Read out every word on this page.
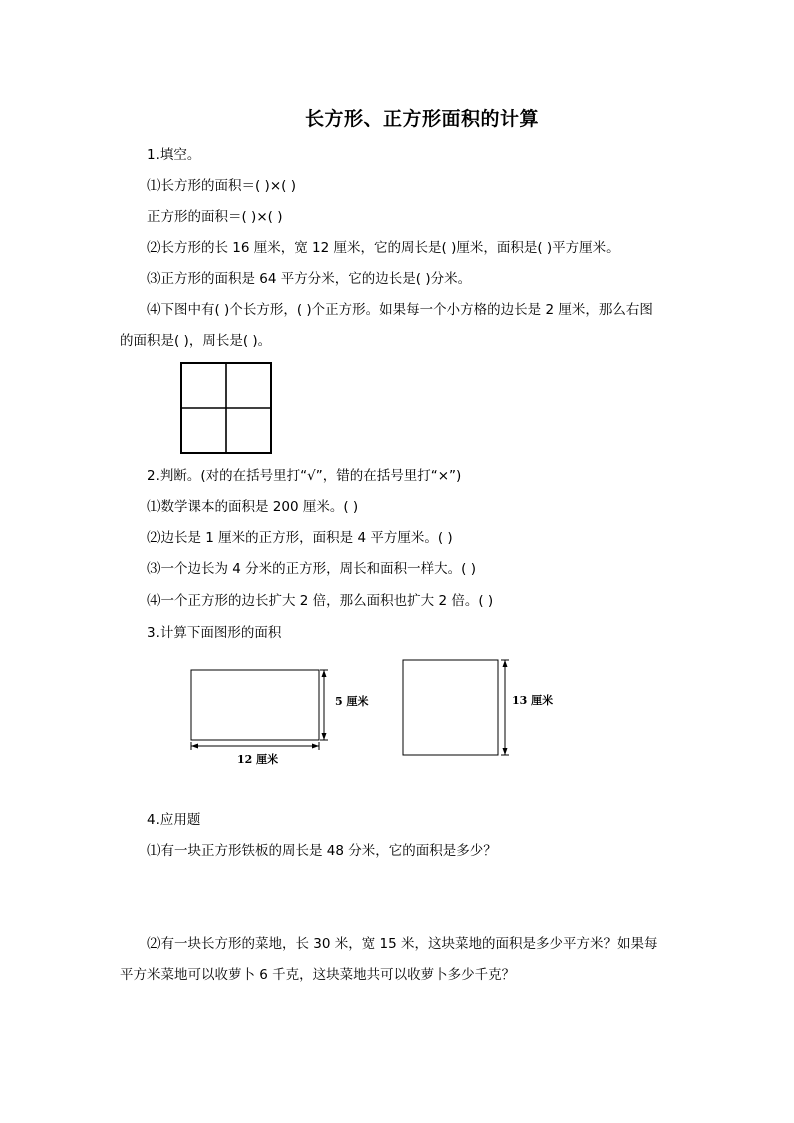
长方形、正方形面积的计算
1.填空。
⑴长方形的面积＝( )×( )
正方形的面积＝( )×( )
⑵长方形的长 16 厘米，宽 12 厘米，它的周长是( )厘米，面积是( )平方厘米。
⑶正方形的面积是 64 平方分米，它的边长是( )分米。
⑷下图中有( )个长方形，( )个正方形。如果每一个小方格的边长是 2 厘米，那么右图
的面积是( )，周长是( )。
2.判断。(对的在括号里打“√”，错的在括号里打“×”)
⑴数学课本的面积是 200 厘米。( )
⑵边长是 1 厘米的正方形，面积是 4 平方厘米。( )
⑶一个边长为 4 分米的正方形，周长和面积一样大。( )
⑷一个正方形的边长扩大 2 倍，那么面积也扩大 2 倍。( )
3.计算下面图形的面积
5 厘米
12 厘米
13 厘米
4.应用题
⑴有一块正方形铁板的周长是 48 分米，它的面积是多少？
⑵有一块长方形的菜地，长 30 米，宽 15 米，这块菜地的面积是多少平方米？如果每
平方米菜地可以收萝卜 6 千克，这块菜地共可以收萝卜多少千克？
